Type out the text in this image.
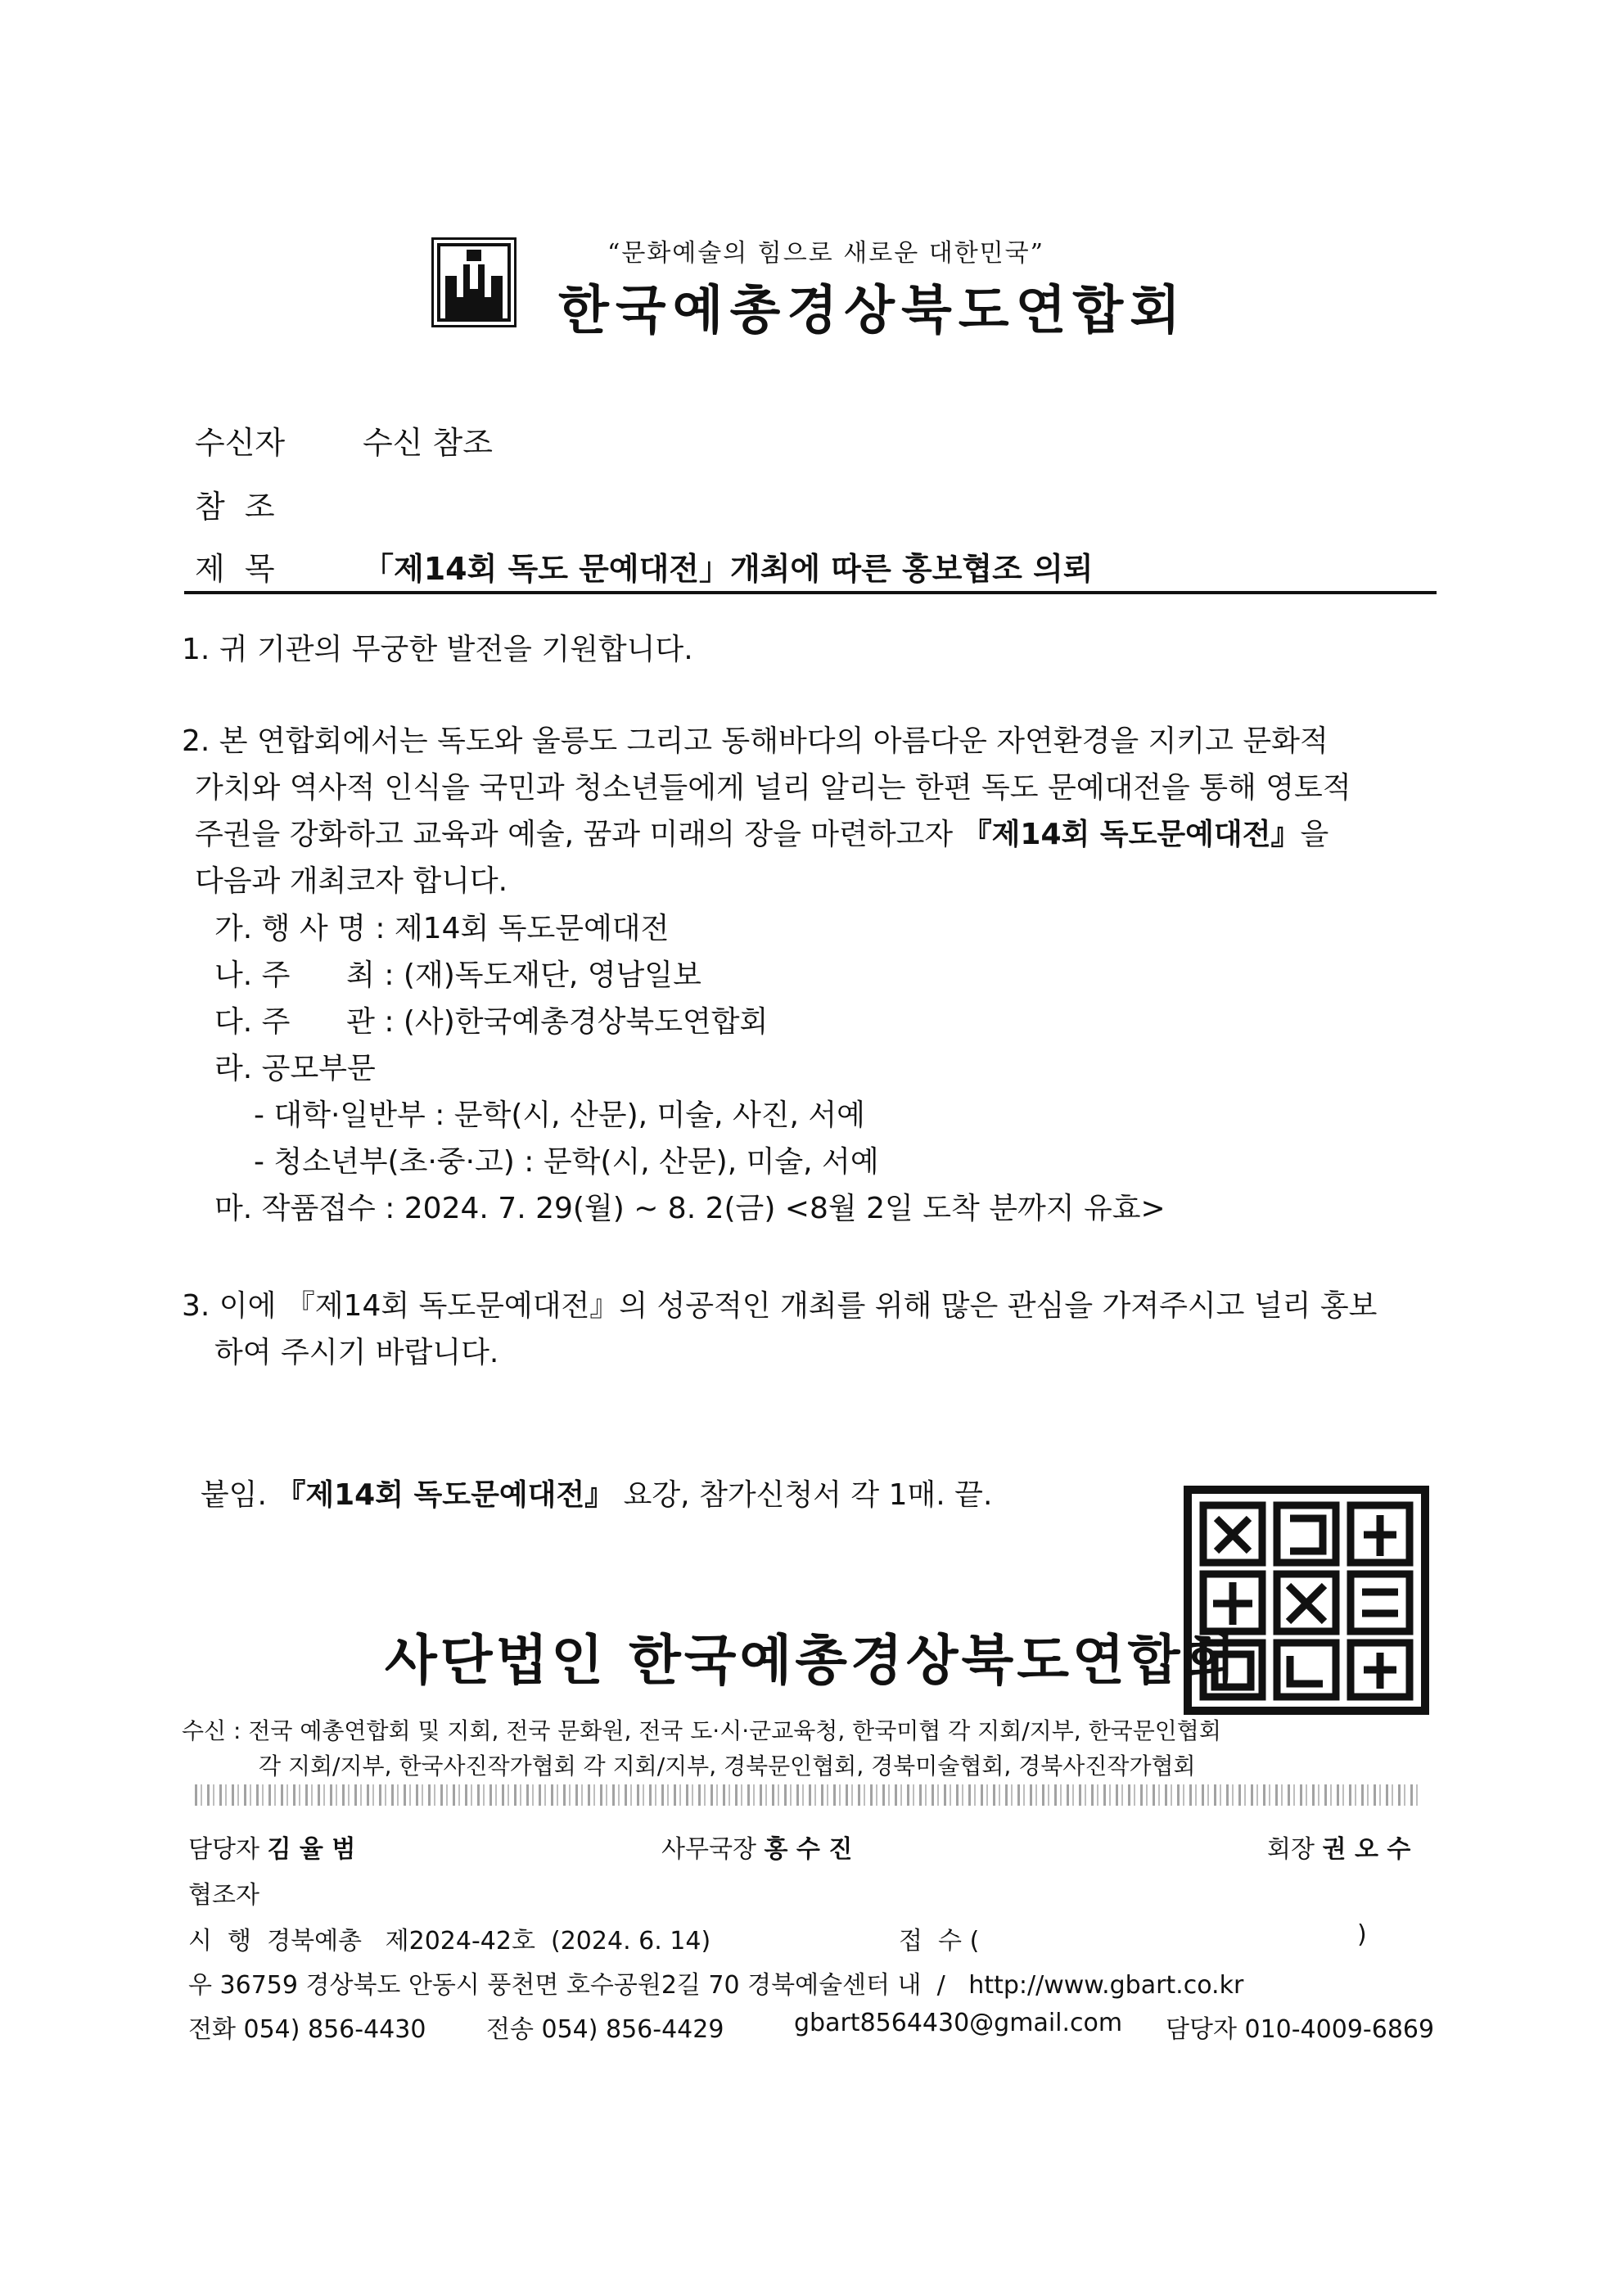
“문화예술의 힘으로 새로운 대한민국”
한국예총경상북도연합회
수신자 수신 참조
참  조
제  목	「제14회 독도 문예대전」개최에 따른 홍보협조 의뢰
1. 귀 기관의 무궁한 발전을 기원합니다.
2. 본 연합회에서는 독도와 울릉도 그리고 동해바다의 아름다운 자연환경을 지키고 문화적
가치와 역사적 인식을 국민과 청소년들에게 널리 알리는 한편 독도 문예대전을 통해 영토적
주권을 강화하고 교육과 예술, 꿈과 미래의 장을 마련하고자 『제14회 독도문예대전』을
다음과 개최코자 합니다.
가. 행 사 명 : 제14회 독도문예대전
나. 주      최 : (재)독도재단, 영남일보
다. 주      관 : (사)한국예총경상북도연합회
라. 공모부문
- 대학·일반부 : 문학(시, 산문), 미술, 사진, 서예
- 청소년부(초·중·고) : 문학(시, 산문), 미술, 서예
마. 작품접수 : 2024. 7. 29(월) ~ 8. 2(금) <8월 2일 도착 분까지 유효>
3. 이에 『제14회 독도문예대전』의 성공적인 개최를 위해 많은 관심을 가져주시고 널리 홍보
하여 주시기 바랍니다.

붙임. 『제14회 독도문예대전』 요강, 참가신청서 각 1매. 끝.

사단법인 한국예총경상북도연합회
수신 : 전국 예총연합회 및 지회, 전국 문화원, 전국 도·시·군교육청, 한국미협 각 지회/지부, 한국문인협회
각 지회/지부, 한국사진작가협회 각 지회/지부, 경북문인협회, 경북미술협회, 경북사진작가협회
담당자 김 율 범	사무국장 홍 수 진	회장 권 오 수
협조자
시  행  경북예총   제2024-42호  (2024. 6. 14)	접  수 (	)
우 36759 경상북도 안동시 풍천면 호수공원2길 70 경북예술센터 내  /   http://www.gbart.co.kr
전화 054) 856-4430 전송 054) 856-4429	gbart8564430@gmail.com 담당자 010-4009-6869
